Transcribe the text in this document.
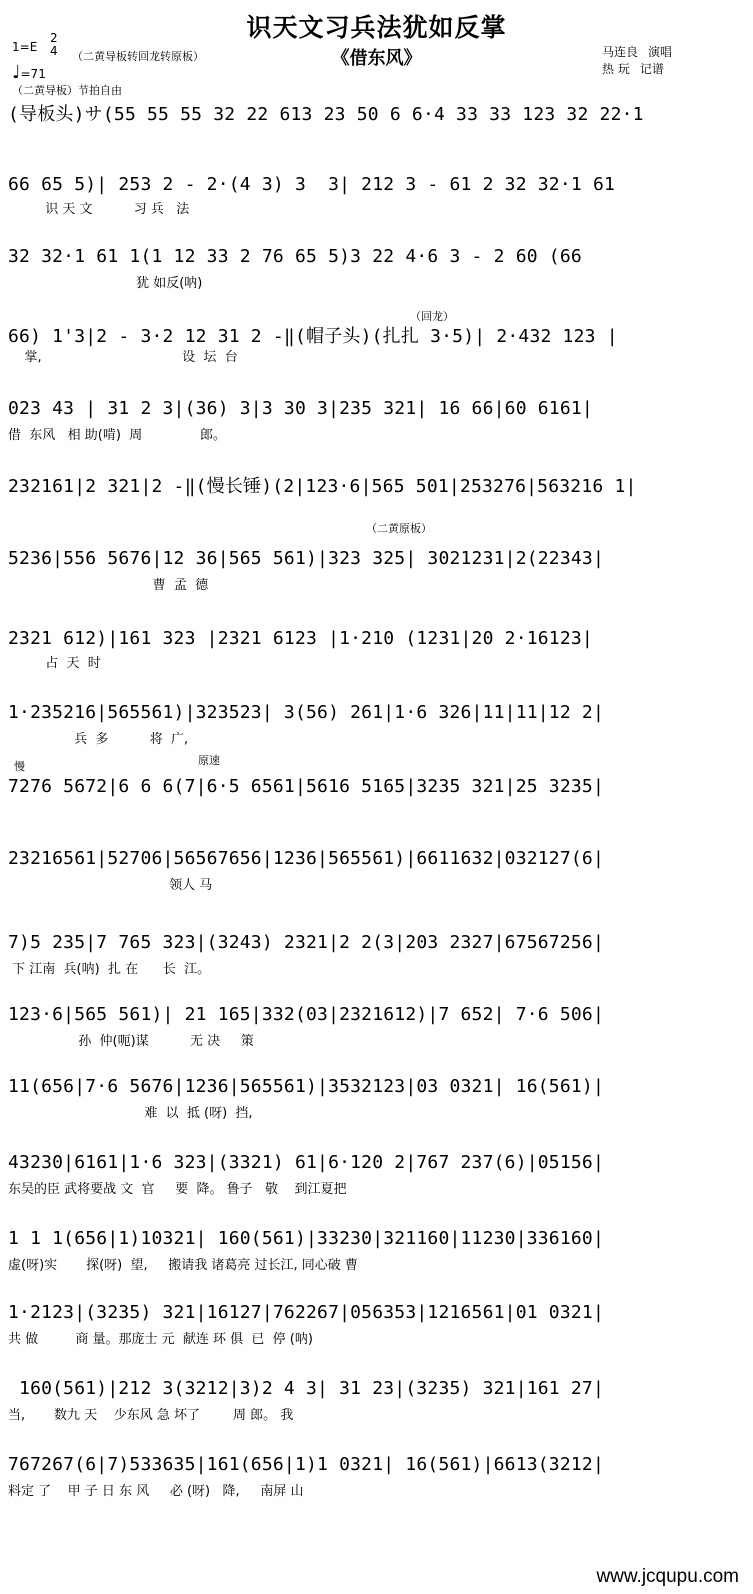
识天文习兵法犹如反掌
《借东风》
1=E
2
4
♩=71
（二黄导板转回龙转原板）	马连良 演唱
热 玩 记谱
（二黄导板）节拍自由
（回龙）
（二黄原板）
慢	原速
(导板头)サ(55 55 55 32 22 613 23 50 6 6·4 33 33 123 32 22·1
66 65 5)| 253 2 - 2·(4 3) 3  3| 212 3 - 61 2 32 32·1 61
识 天 文          习 兵   法
32 32·1 61 1(1 12 33 2 76 65 5)3 22 4·6 3 - 2 60 (66
犹 如反(呐)
66) 1'3|2 - 3·2 12 31 2 -‖(帽子头)(扎扎 3·5)| 2·432 123 |
掌,                                  设  坛  台
023 43 | 31 2 3|(36) 3|3 30 3|235 321| 16 66|60 6161|
借  东风   相 助(啃)  周              郎。
232161|2 321|2 -‖(慢长锤)(2|123·6|565 501|253276|563216 1|
5236|556 5676|12 36|565 561)|323 325| 3021231|2(22343|
曹  孟  德
2321 612)|161 323 |2321 6123 |1·210 (1231|20 2·16123|
占  天  时
1·235216|565561)|323523| 3(56) 261|1·6 326|11|11|12 2|
兵  多          将  广,
7276 5672|6 6 6(7|6·5 6561|5616 5165|3235 321|25 3235|
23216561|52706|56567656|1236|565561)|6611632|032127(6|
领人 马
7)5 235|7 765 323|(3243) 2321|2 2(3|203 2327|67567256|
下 江南  兵(呐)  扎 在      长  江。
123·6|565 561)| 21 165|332(03|2321612)|7 652| 7·6 506|
孙  仲(呃)谋          无 决     策
11(656|7·6 5676|1236|565561)|3532123|03 0321| 16(561)|
难  以  抵 (呀)  挡,
43230|6161|1·6 323|(3321) 61|6·120 2|767 237(6)|05156|
东吴的臣 武将要战 文  官     要  降。 鲁子   敬    到江夏把
1 1 1(656|1)10321| 160(561)|33230|321160|11230|336160|
虚(呀)实       探(呀)  望,     搬请我 诸葛亮 过长江, 同心破 曹
1·2123|(3235) 321|16127|762267|056353|1216561|01 0321|
共 做         商 量。那庞士 元  献连 环 俱  已  停 (呐)
160(561)|212 3(3212|3)2 4 3| 31 23|(3235) 321|161 27|
当,       数九 天    少东风 急 坏了        周 郎。 我
767267(6|7)533635|161(656|1)1 0321| 16(561)|6613(3212|
料定 了    甲 子 日 东 风     必 (呀)   降,     南屏 山
www.jcqupu.com
